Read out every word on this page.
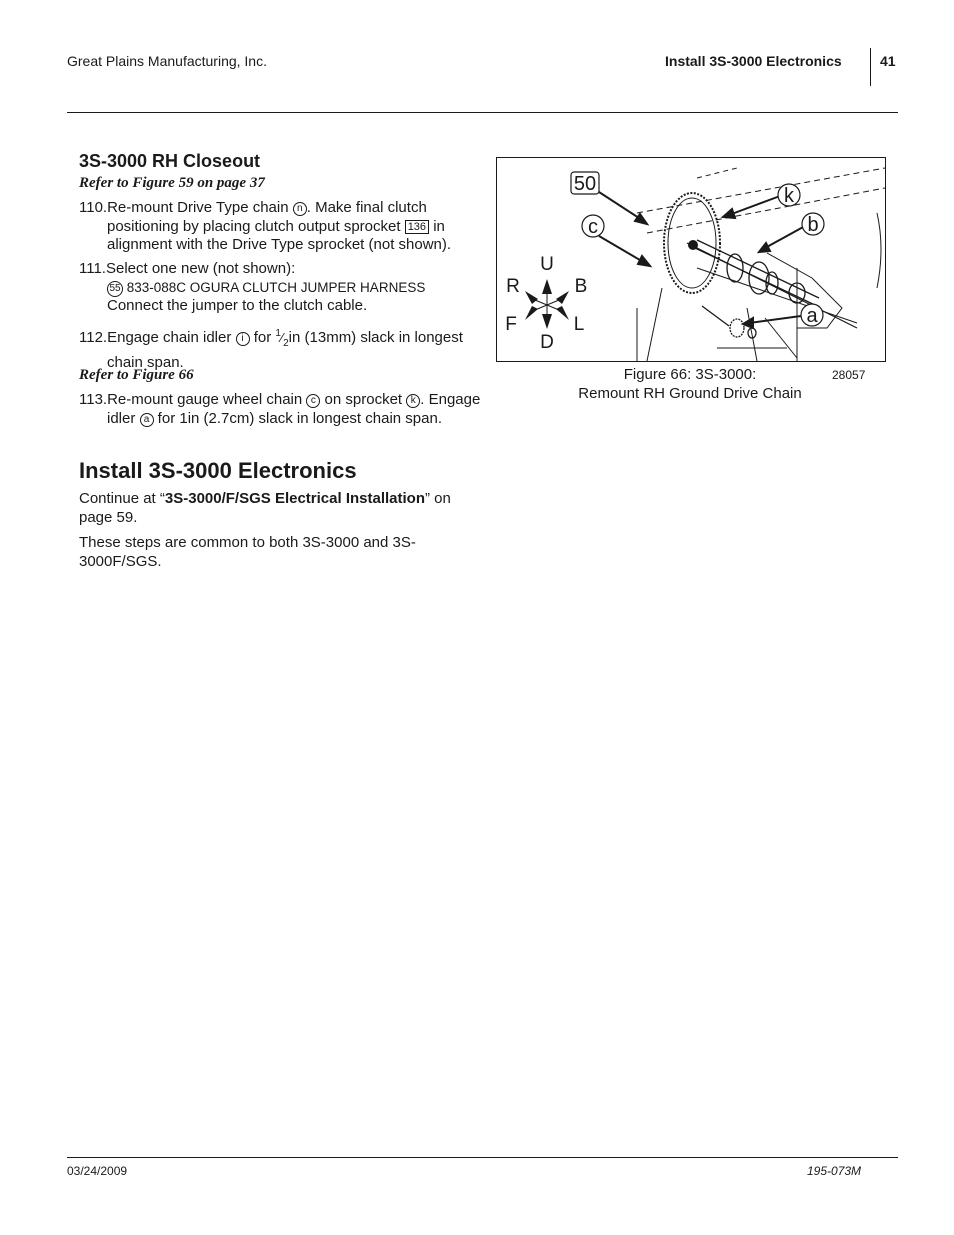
Great Plains Manufacturing, Inc.	Install 3S-3000 Electronics	41
3S-3000 RH Closeout
Refer to Figure 59 on page 37
110.Re-mount Drive Type chain n . Make final clutch positioning by placing clutch output sprocket 136 in alignment with the Drive Type sprocket (not shown).
111.Select one new (not shown):
55 833-088C OGURA CLUTCH JUMPER HARNESS
Connect the jumper to the clutch cable.
112.Engage chain idler i for $^1⁄_2in$ (13mm) slack in longest chain span.
Refer to Figure 66
113.Re-mount gauge wheel chain c on sprocket k . Engage idler a for 1in (2.7cm) slack in longest chain span.
Install 3S-3000 Electronics
Continue at “3S-3000/F/SGS Electrical Installation” on page 59.
These steps are common to both 3S-3000 and 3S-3000F/SGS.
50
c
k
b
a
U
D
R	B
F	L
Figure 66: 3S-3000:
Remount RH Ground Drive Chain
28057
03/24/2009	195-073M
